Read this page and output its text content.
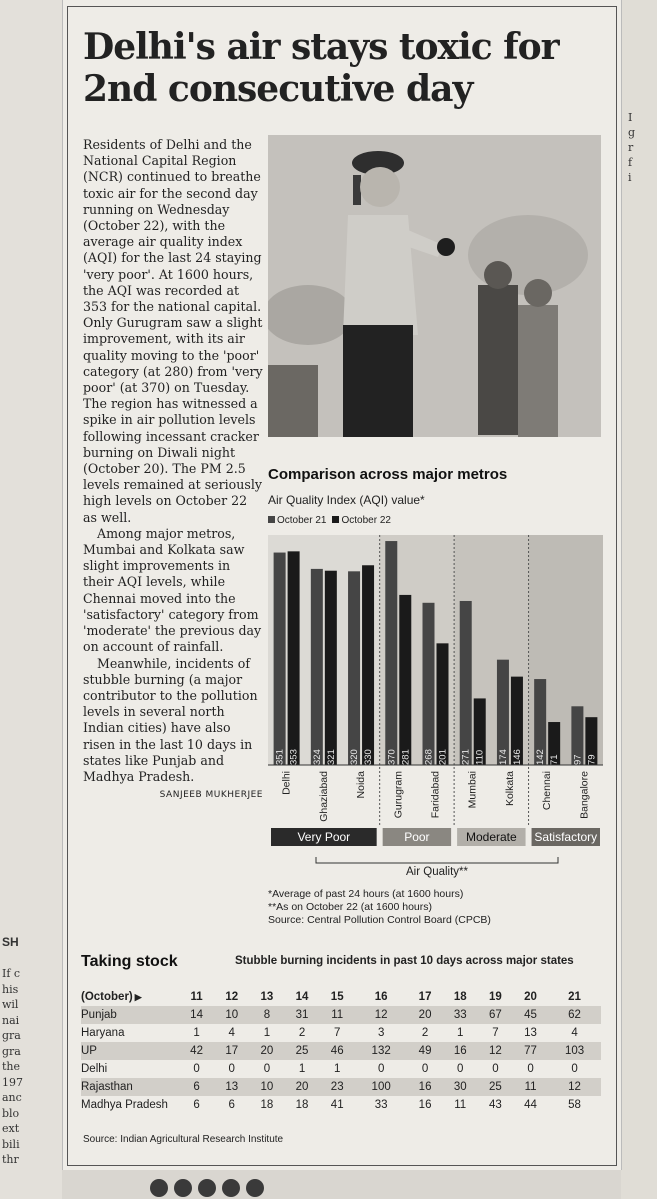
SH
If c
his
wil
nai
gra
gra
the
197
anc
blo
ext
bili
thr
I
g
r
f
i
Delhi's air stays toxic for
2nd consecutive day

Residents of Delhi and the National Capital Region (NCR) continued to breathe toxic air for the second day running on Wednesday (October 22), with the average air quality index (AQI) for the last 24 staying 'very poor'. At 1600 hours, the AQI was recorded at 353 for the national capital. Only Gurugram saw a slight improvement, with its air quality moving to the 'poor' category (at 280) from 'very poor' (at 370) on Tuesday. The region has witnessed a spike in air pollution levels following incessant cracker burning on Diwali night (October 20). The PM 2.5 levels remained at seriously high levels on October 22 as well.

Among major metros, Mumbai and Kolkata saw slight improvements in their AQI levels, while Chennai moved into the 'satisfactory' category from 'moderate' the previous day on account of rainfall.

Meanwhile, incidents of stubble burning (a major contributor to the pollution levels in several north Indian cities) have also risen in the last 10 days in states like Punjab and Madhya Pradesh.

SANJEEB MUKHERJEE
Comparison across major metros
Air Quality Index (AQI) value*
October 21	October 22
Very Poor	Poor	Moderate Satisfactory
351 353
Delhi
324 321
Ghaziabad
320 330
Noida
370 281
Gurugram
268 201
Faridabad
271 110
Mumbai
174 146
Kolkata
142 71
Chennai
97 79
Bangalore
Air Quality**
*Average of past 24 hours (at 1600 hours)
**As on October 22 (at 1600 hours)
Source: Central Pollution Control Board (CPCB)
Taking stock	Stubble burning incidents in past 10 days across major states
(October) ▶	11	12	13	14	15	16	17	18	19	20	21
Punjab	14	10	8	31	11	12	20	33	67	45	62
Haryana	1	4	1	2	7	3	2	1	7	13	4
UP	42	17	20	25	46	132	49	16	12	77	103
Delhi	0	0	0	1	1	0	0	0	0	0	0
Rajasthan	6	13	10	20	23	100	16	30	25	11	12
Madhya Pradesh	6	6	18	18	41	33	16	11	43	44	58
Source: Indian Agricultural Research Institute
